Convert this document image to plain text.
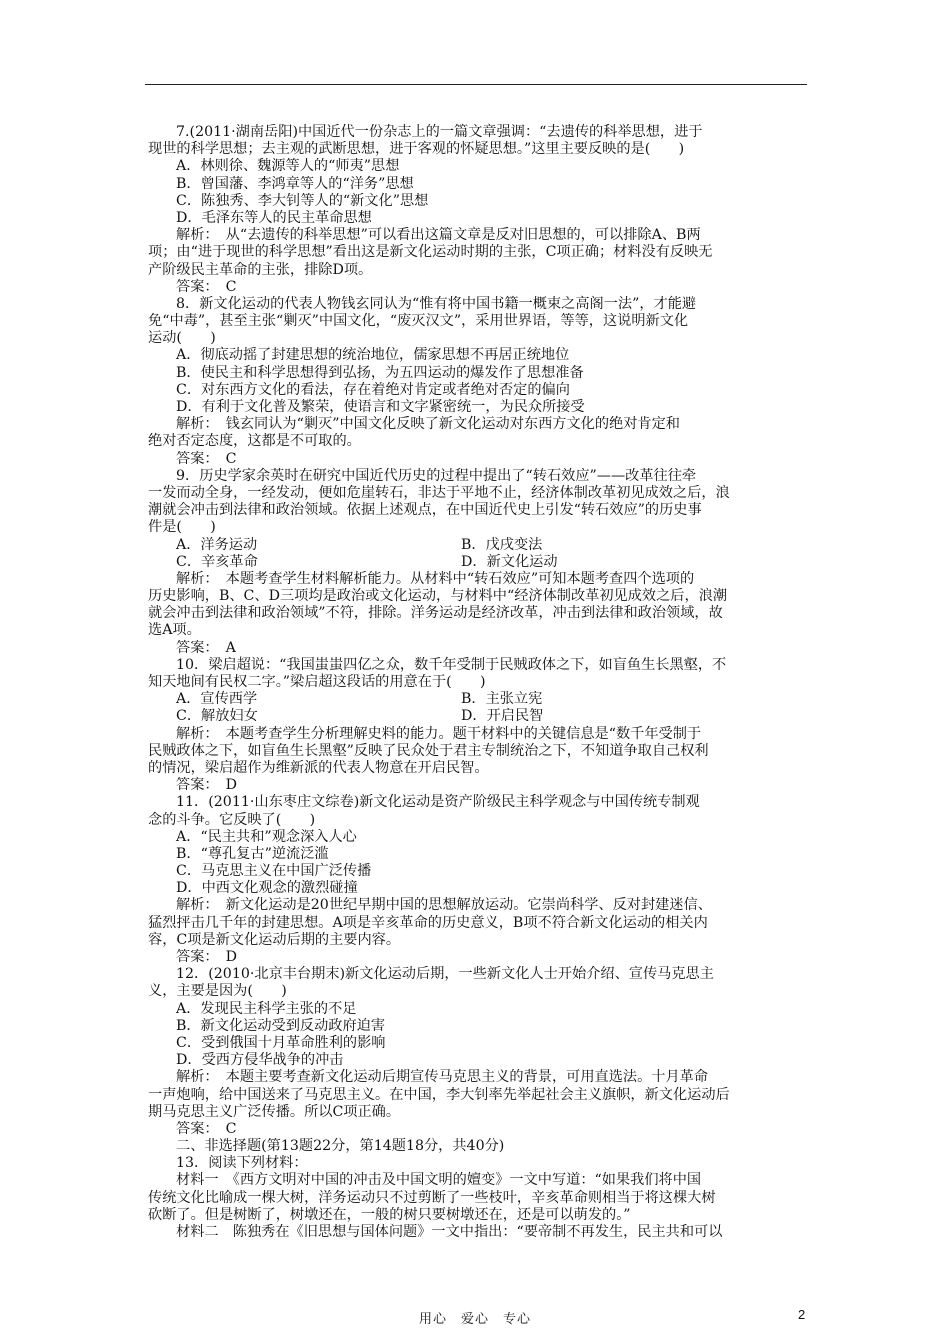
7.(2011·湖南岳阳)中国近代一份杂志上的一篇文章强调：“去遗传的科举思想，进于
现世的科学思想；去主观的武断思想，进于客观的怀疑思想。”这里主要反映的是(　　)
A．林则徐、魏源等人的“师夷”思想
B．曾国藩、李鸿章等人的“洋务”思想
C．陈独秀、李大钊等人的“新文化”思想
D．毛泽东等人的民主革命思想
解析：　从“去遗传的科举思想”可以看出这篇文章是反对旧思想的，可以排除A、B两
项；由“进于现世的科学思想”看出这是新文化运动时期的主张，C项正确；材料没有反映无
产阶级民主革命的主张，排除D项。
答案：　C
8．新文化运动的代表人物钱玄同认为“惟有将中国书籍一概束之高阁一法”，才能避
免“中毒”，甚至主张“剿灭”中国文化，“废灭汉文”，采用世界语，等等，这说明新文化
运动(　　)
A．彻底动摇了封建思想的统治地位，儒家思想不再居正统地位
B．使民主和科学思想得到弘扬，为五四运动的爆发作了思想准备
C．对东西方文化的看法，存在着绝对肯定或者绝对否定的偏向
D．有利于文化普及繁荣，使语言和文字紧密统一，为民众所接受
解析：　钱玄同认为“剿灭”中国文化反映了新文化运动对东西方文化的绝对肯定和
绝对否定态度，这都是不可取的。
答案：　C
9．历史学家余英时在研究中国近代历史的过程中提出了“转石效应”——改革往往牵
一发而动全身，一经发动，便如危崖转石，非达于平地不止，经济体制改革初见成效之后，浪
潮就会冲击到法律和政治领域。依据上述观点，在中国近代史上引发“转石效应”的历史事
件是(　　)
A．洋务运动	B．戊戌变法
C．辛亥革命	D．新文化运动
解析：　本题考查学生材料解析能力。从材料中“转石效应”可知本题考查四个选项的
历史影响，B、C、D三项均是政治或文化运动，与材料中“经济体制改革初见成效之后，浪潮
就会冲击到法律和政治领域”不符，排除。洋务运动是经济改革，冲击到法律和政治领域，故
选A项。
答案：　A
10．梁启超说：“我国蚩蚩四亿之众，数千年受制于民贼政体之下，如盲鱼生长黑壑，不
知天地间有民权二字。”梁启超这段话的用意在于(　　)
A．宣传西学	B．主张立宪
C．解放妇女	D．开启民智
解析：　本题考查学生分析理解史料的能力。题干材料中的关键信息是“数千年受制于
民贼政体之下，如盲鱼生长黑壑”反映了民众处于君主专制统治之下，不知道争取自己权利
的情况，梁启超作为维新派的代表人物意在开启民智。
答案：　D
11．(2011·山东枣庄文综卷)新文化运动是资产阶级民主科学观念与中国传统专制观
念的斗争。它反映了(　　)
A．“民主共和”观念深入人心
B．“尊孔复古”逆流泛滥
C．马克思主义在中国广泛传播
D．中西文化观念的激烈碰撞
解析：　新文化运动是20世纪早期中国的思想解放运动。它崇尚科学、反对封建迷信、
猛烈抨击几千年的封建思想。A项是辛亥革命的历史意义，B项不符合新文化运动的相关内
容，C项是新文化运动后期的主要内容。
答案：　D
12．(2010·北京丰台期末)新文化运动后期，一些新文化人士开始介绍、宣传马克思主
义，主要是因为(　　)
A．发现民主科学主张的不足
B．新文化运动受到反动政府迫害
C．受到俄国十月革命胜利的影响
D．受西方侵华战争的冲击
解析：　本题主要考查新文化运动后期宣传马克思主义的背景，可用直选法。十月革命
一声炮响，给中国送来了马克思主义。在中国，李大钊率先举起社会主义旗帜，新文化运动后
期马克思主义广泛传播。所以C项正确。
答案：　C
二、非选择题(第13题22分，第14题18分，共40分)
13．阅读下列材料：
材料一　《西方文明对中国的冲击及中国文明的嬗变》一文中写道：“如果我们将中国
传统文化比喻成一棵大树，洋务运动只不过剪断了一些枝叶，辛亥革命则相当于将这棵大树
砍断了。但是树断了，树墩还在，一般的树只要树墩还在，还是可以萌发的。”
材料二　陈独秀在《旧思想与国体问题》一文中指出：“要帝制不再发生，民主共和可以
用心　爱心　专心	2
